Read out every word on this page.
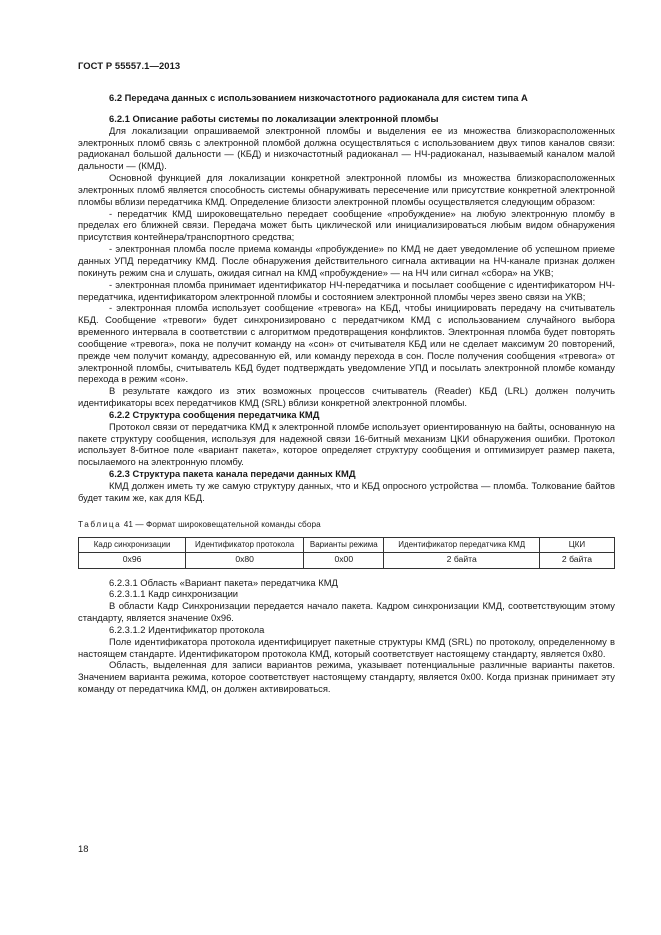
ГОСТ Р 55557.1—2013
6.2 Передача данных с использованием низкочастотного радиоканала для систем типа А
6.2.1 Описание работы системы по локализации электронной пломбы

Для локализации опрашиваемой электронной пломбы и выделения ее из множества близкорасположенных электронных пломб связь с электронной пломбой должна осуществляться с использованием двух типов каналов связи: радиоканал большой дальности — (КБД) и низкочастотный радиоканал — НЧ-радиоканал, называемый каналом малой дальности — (КМД).

Основной функцией для локализации конкретной электронной пломбы из множества близкорасположенных электронных пломб является способность системы обнаруживать пересечение или присутствие конкретной электронной пломбы вблизи передатчика КМД. Определение близости электронной пломбы осуществляется следующим образом:

- передатчик КМД широковещательно передает сообщение «пробуждение» на любую электронную пломбу в пределах его ближней связи. Передача может быть циклической или инициализироваться любым видом обнаружения присутствия контейнера/транспортного средства;

- электронная пломба после приема команды «пробуждение» по КМД не дает уведомление об успешном приеме данных УПД передатчику КМД. После обнаружения действительного сигнала активации на НЧ-канале признак должен покинуть режим сна и слушать, ожидая сигнал на КМД «пробуждение» — на НЧ или сигнал «сбора» на УКВ;

- электронная пломба принимает идентификатор НЧ-передатчика и посылает сообщение с идентификатором НЧ-передатчика, идентификатором электронной пломбы и состоянием электронной пломбы через звено связи на УКВ;

- электронная пломба использует сообщение «тревога» на КБД, чтобы инициировать передачу на считыватель КБД. Сообщение «тревоги» будет синхронизировано с передатчиком КМД с использованием случайного выбора временного интервала в соответствии с алгоритмом предотвращения конфликтов. Электронная пломба будет повторять сообщение «тревога», пока не получит команду на «сон» от считывателя КБД или не сделает максимум 20 повторений, прежде чем получит команду, адресованную ей, или команду перехода в сон. После получения сообщения «тревога» от электронной пломбы, считыватель КБД будет подтверждать уведомление УПД и посылать электронной пломбе команду перехода в режим «сон».

В результате каждого из этих возможных процессов считыватель (Reader) КБД (LRL) должен получить идентификаторы всех передатчиков КМД (SRL) вблизи конкретной электронной пломбы.

6.2.2 Структура сообщения передатчика КМД

Протокол связи от передатчика КМД к электронной пломбе использует ориентированную на байты, основанную на пакете структуру сообщения, используя для надежной связи 16-битный механизм ЦКИ обнаружения ошибки. Протокол использует 8-битное поле «вариант пакета», которое определяет структуру сообщения и оптимизирует размер пакета, посылаемого на электронную пломбу.

6.2.3 Структура пакета канала передачи данных КМД

КМД должен иметь ту же самую структуру данных, что и КБД опросного устройства — пломба. Толкование байтов будет таким же, как для КБД.

Таблица 41 — Формат широковещательной команды сбора

Кадр синхронизации	Идентификатор протокола	Варианты режима	Идентификатор передатчика КМД	ЦКИ
0x96	0x80	0x00	2 байта	2 байта

6.2.3.1 Область «Вариант пакета» передатчика КМД

6.2.3.1.1 Кадр синхронизации

В области Кадр Синхронизации передается начало пакета. Кадром синхронизации КМД, соответствующим этому стандарту, является значение 0x96.

6.2.3.1.2 Идентификатор протокола

Поле идентификатора протокола идентифицирует пакетные структуры КМД (SRL) по протоколу, определенному в настоящем стандарте. Идентификатором протокола КМД, который соответствует настоящему стандарту, является 0x80.

Область, выделенная для записи вариантов режима, указывает потенциальные различные варианты пакетов. Значением варианта режима, которое соответствует настоящему стандарту, является 0x00. Когда признак принимает эту команду от передатчика КМД, он должен активироваться.

18
